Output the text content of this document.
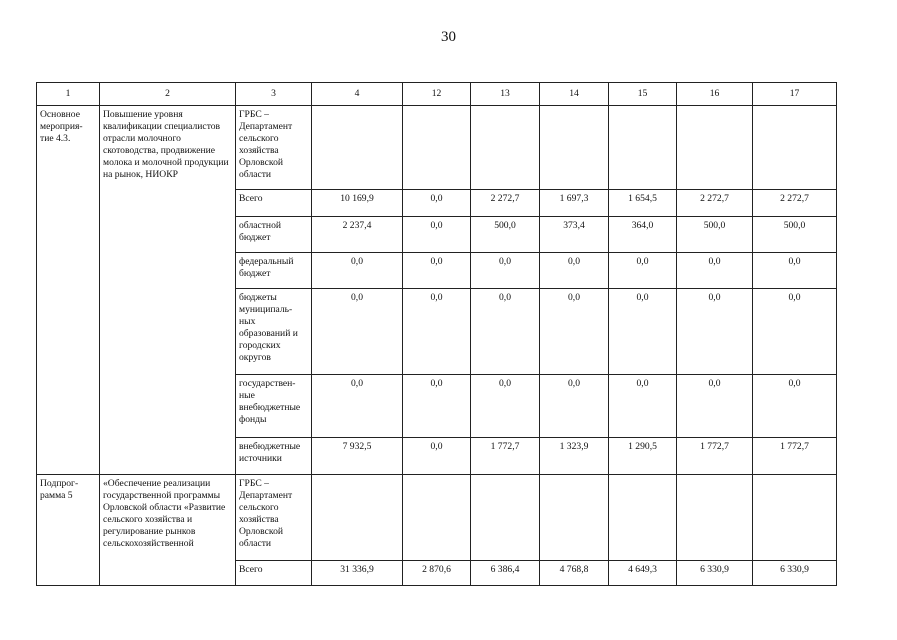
30
1	2	3	4	12	13	14	15	16	17
Основное мероприя-тие 4.3.	Повышение уровня квалификации специалистов отрасли молочного скотоводства, продвижение молока и молочной продукции на рынок, НИОКР	ГРБС – Департамент сельского хозяйства Орловской области							
		Всего	10 169,9	0,0	2 272,7	1 697,3	1 654,5	2 272,7	2 272,7
		областной бюджет	2 237,4	0,0	500,0	373,4	364,0	500,0	500,0
		федеральный бюджет	0,0	0,0	0,0	0,0	0,0	0,0	0,0
		бюджеты муниципаль-ных образований и городских округов	0,0	0,0	0,0	0,0	0,0	0,0	0,0
		государствен-ные внебюджетные фонды	0,0	0,0	0,0	0,0	0,0	0,0	0,0
		внебюджетные источники	7 932,5	0,0	1 772,7	1 323,9	1 290,5	1 772,7	1 772,7
Подпрог-рамма 5	«Обеспечение реализации государственной программы Орловской области «Развитие сельского хозяйства и регулирование рынков сельскохозяйственной	ГРБС – Департамент сельского хозяйства Орловской области							
		Всего	31 336,9	2 870,6	6 386,4	4 768,8	4 649,3	6 330,9	6 330,9
